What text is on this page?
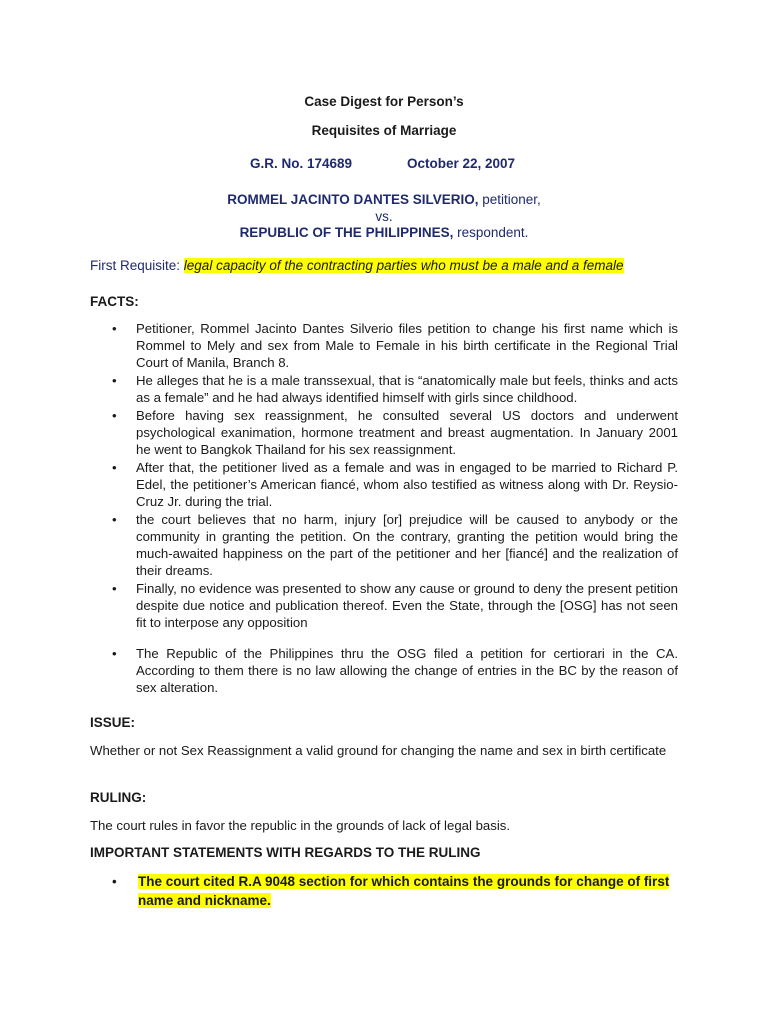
Case Digest for Person’s
Requisites of Marriage
G.R. No. 174689	October 22, 2007
ROMMEL JACINTO DANTES SILVERIO, petitioner,
vs.
REPUBLIC OF THE PHILIPPINES, respondent.
First Requisite: legal capacity of the contracting parties who must be a male and a female
FACTS:
• Petitioner, Rommel Jacinto Dantes Silverio files petition to change his first name which is Rommel to Mely and sex from Male to Female in his birth certificate in the Regional Trial Court of Manila, Branch 8.
• He alleges that he is a male transsexual, that is “anatomically male but feels, thinks and acts as a female” and he had always identified himself with girls since childhood.
• Before having sex reassignment, he consulted several US doctors and underwent psychological exanimation, hormone treatment and breast augmentation. In January 2001 he went to Bangkok Thailand for his sex reassignment.
• After that, the petitioner lived as a female and was in engaged to be married to Richard P. Edel, the petitioner’s American fiancé, whom also testified as witness along with Dr. Reysio-Cruz Jr. during the trial.
• the court believes that no harm, injury [or] prejudice will be caused to anybody or the community in granting the petition. On the contrary, granting the petition would bring the much-awaited happiness on the part of the petitioner and her [fiancé] and the realization of their dreams.
• Finally, no evidence was presented to show any cause or ground to deny the present petition despite due notice and publication thereof. Even the State, through the [OSG] has not seen fit to interpose any opposition
• The Republic of the Philippines thru the OSG filed a petition for certiorari in the CA. According to them there is no law allowing the change of entries in the BC by the reason of sex alteration.
ISSUE:
Whether or not Sex Reassignment a valid ground for changing the name and sex in birth certificate
RULING:
The court rules in favor the republic in the grounds of lack of legal basis.
IMPORTANT STATEMENTS WITH REGARDS TO THE RULING
• The court cited R.A 9048 section for which contains the grounds for change of first name and nickname.
